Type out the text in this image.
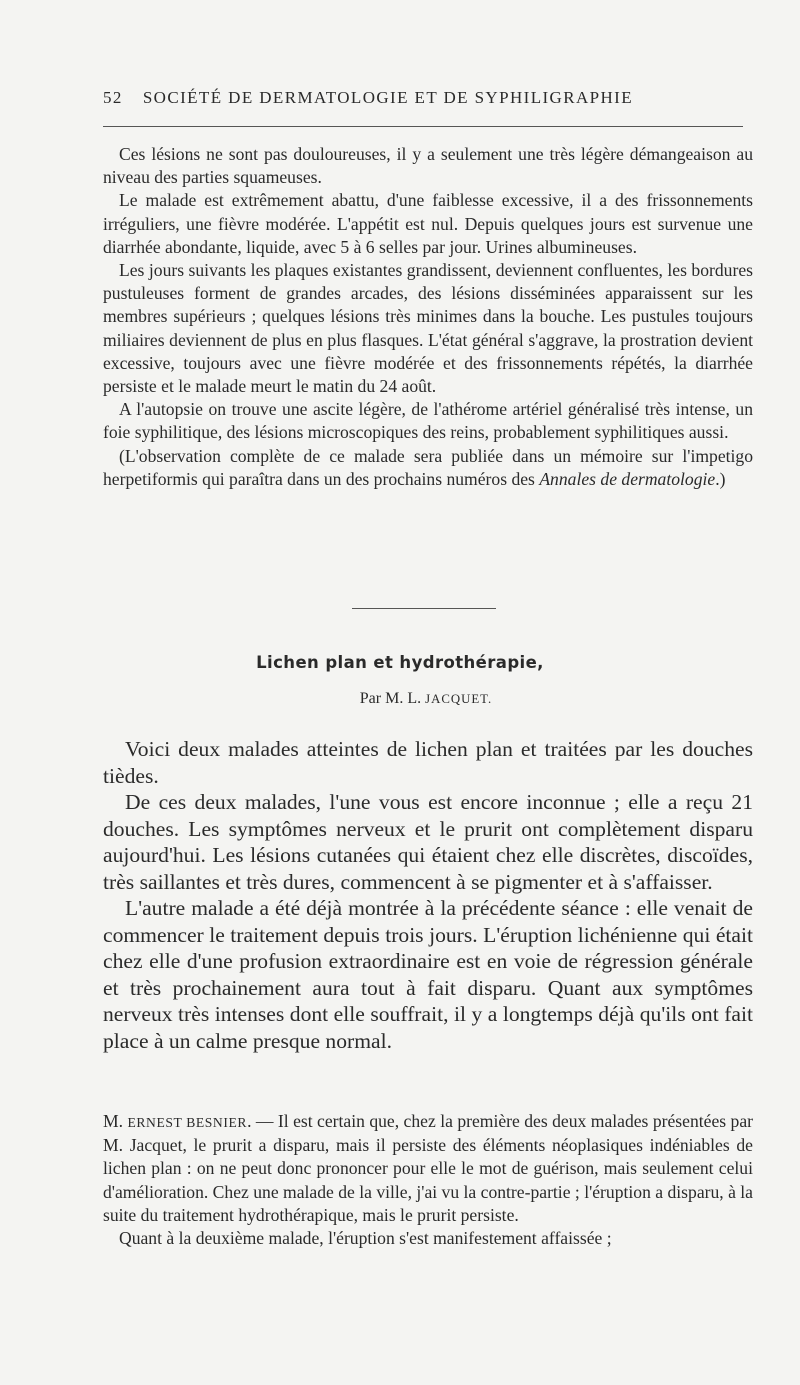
52 SOCIÉTÉ DE DERMATOLOGIE ET DE SYPHILIGRAPHIE

Ces lésions ne sont pas douloureuses, il y a seulement une très légère démangeaison au niveau des parties squameuses.

Le malade est extrêmement abattu, d'une faiblesse excessive, il a des frissonnements irréguliers, une fièvre modérée. L'appétit est nul. Depuis quelques jours est survenue une diarrhée abondante, liquide, avec 5 à 6 selles par jour. Urines albumineuses.

Les jours suivants les plaques existantes grandissent, deviennent confluentes, les bordures pustuleuses forment de grandes arcades, des lésions disséminées apparaissent sur les membres supérieurs ; quelques lésions très minimes dans la bouche. Les pustules toujours miliaires deviennent de plus en plus flasques. L'état général s'aggrave, la prostration devient excessive, toujours avec une fièvre modérée et des frissonnements répétés, la diarrhée persiste et le malade meurt le matin du 24 août.

A l'autopsie on trouve une ascite légère, de l'athérome artériel généralisé très intense, un foie syphilitique, des lésions microscopiques des reins, probablement syphilitiques aussi.

(L'observation complète de ce malade sera publiée dans un mémoire sur l'impetigo herpetiformis qui paraîtra dans un des prochains numéros des Annales de dermatologie.)

Lichen plan et hydrothérapie,
Par M. L. JACQUET.

Voici deux malades atteintes de lichen plan et traitées par les douches tièdes.

De ces deux malades, l'une vous est encore inconnue ; elle a reçu 21 douches. Les symptômes nerveux et le prurit ont complètement disparu aujourd'hui. Les lésions cutanées qui étaient chez elle discrètes, discoïdes, très saillantes et très dures, commencent à se pigmenter et à s'affaisser.

L'autre malade a été déjà montrée à la précédente séance : elle venait de commencer le traitement depuis trois jours. L'éruption lichénienne qui était chez elle d'une profusion extraordinaire est en voie de régression générale et très prochainement aura tout à fait disparu. Quant aux symptômes nerveux très intenses dont elle souffrait, il y a longtemps déjà qu'ils ont fait place à un calme presque normal.

M. ERNEST BESNIER. — Il est certain que, chez la première des deux malades présentées par M. Jacquet, le prurit a disparu, mais il persiste des éléments néoplasiques indéniables de lichen plan : on ne peut donc prononcer pour elle le mot de guérison, mais seulement celui d'amélioration. Chez une malade de la ville, j'ai vu la contre-partie ; l'éruption a disparu, à la suite du traitement hydrothérapique, mais le prurit persiste.

Quant à la deuxième malade, l'éruption s'est manifestement affaissée ;
